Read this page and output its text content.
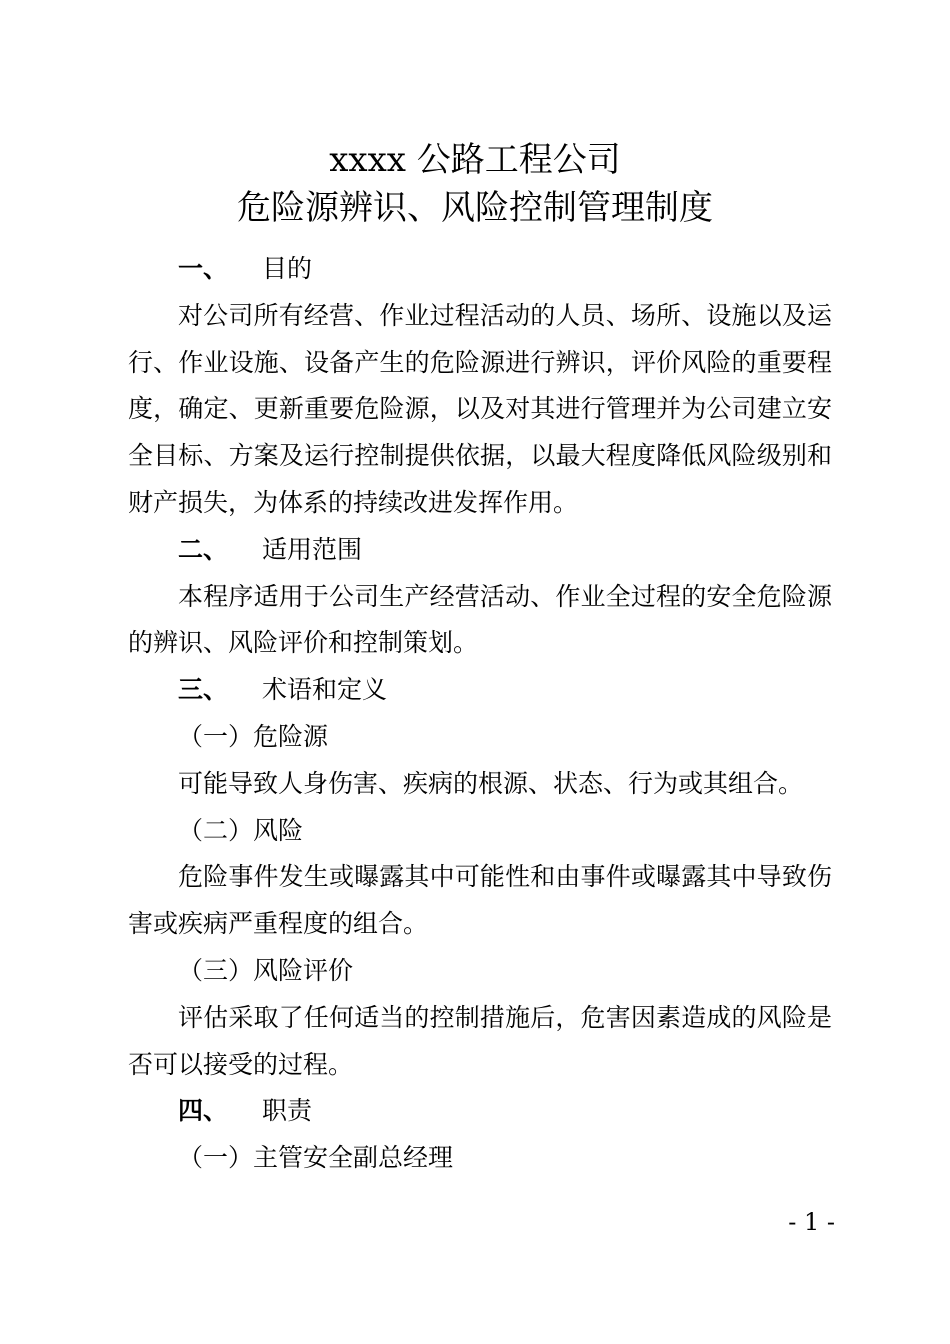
xxxx 公路工程公司
危险源辨识、风险控制管理制度
一、 目的

对公司所有经营、作业过程活动的人员、场所、设施以及运行、作业设施、设备产生的危险源进行辨识，评价风险的重要程度，确定、更新重要危险源，以及对其进行管理并为公司建立安全目标、方案及运行控制提供依据，以最大程度降低风险级别和财产损失，为体系的持续改进发挥作用。

二、 适用范围

本程序适用于公司生产经营活动、作业全过程的安全危险源的辨识、风险评价和控制策划。

三、 术语和定义
（一）危险源

可能导致人身伤害、疾病的根源、状态、行为或其组合。

（二）风险

危险事件发生或曝露其中可能性和由事件或曝露其中导致伤害或疾病严重程度的组合。

（三）风险评价

评估采取了任何适当的控制措施后，危害因素造成的风险是否可以接受的过程。

四、 职责
（一）主管安全副总经理
- 1 -
